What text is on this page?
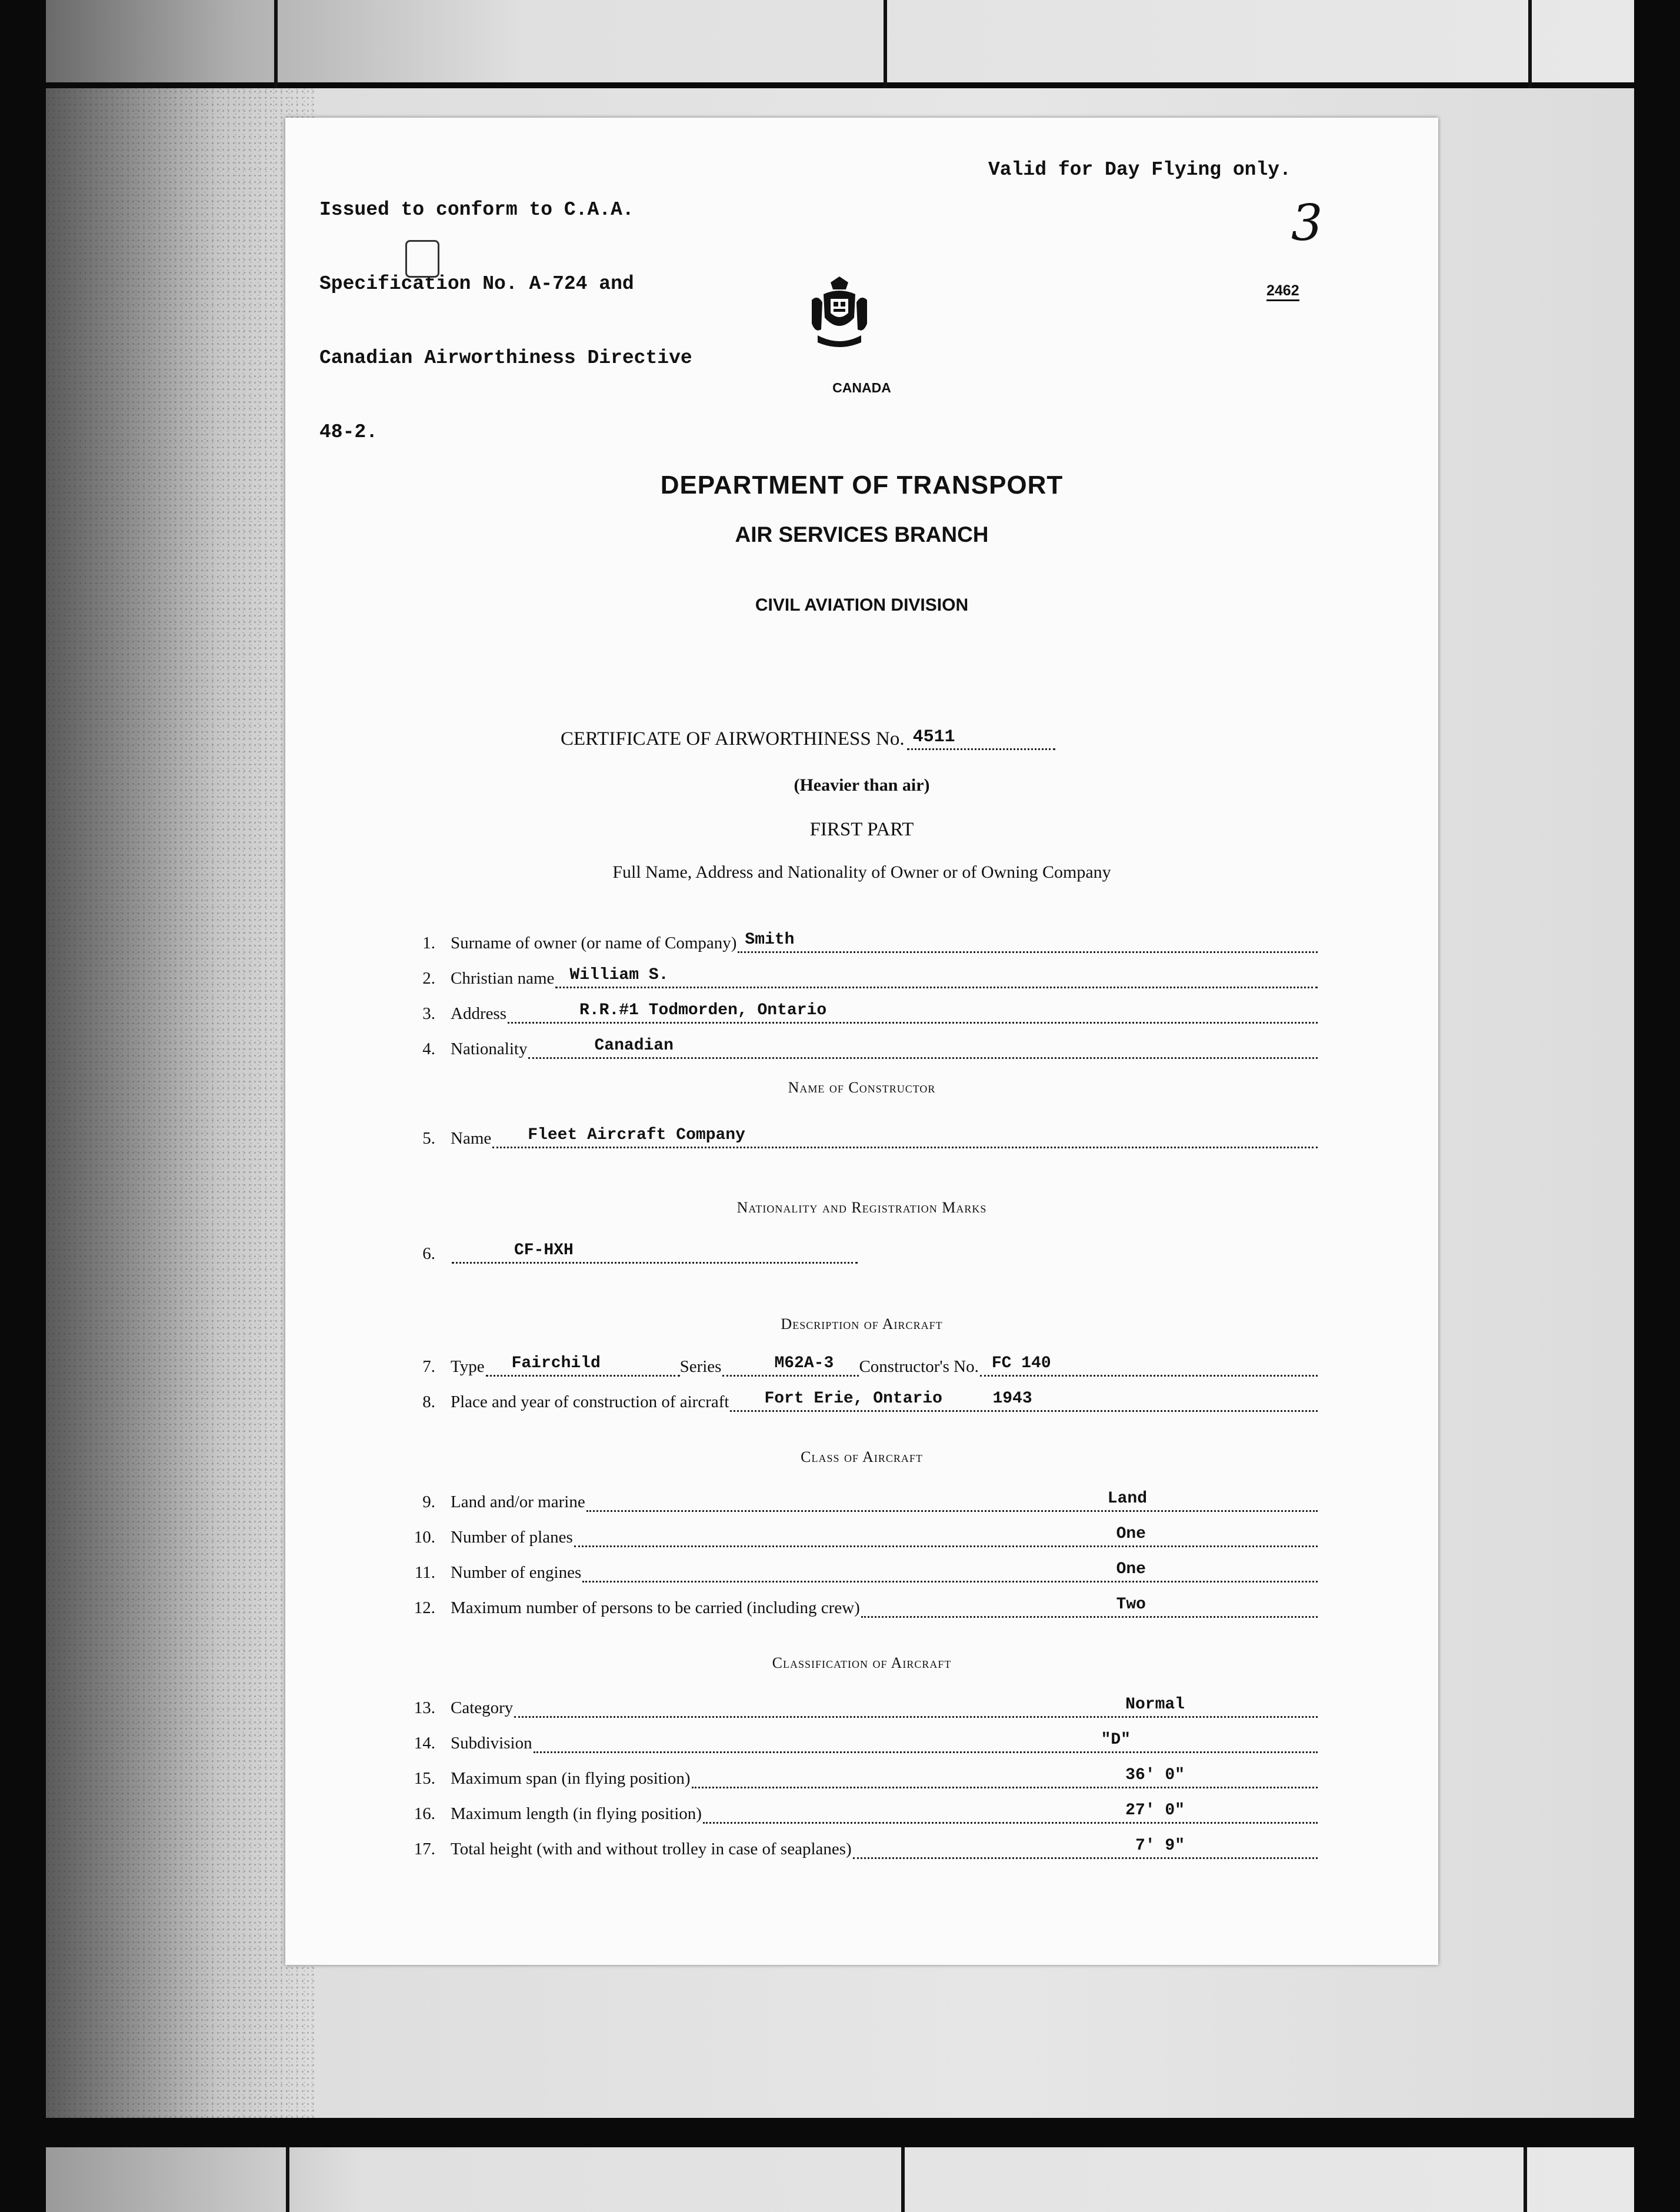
Issued to conform to C.A.A.

Specification No. A-724 and

Canadian Airworthiness Directive

48-2.

Valid for Day Flying only.
3
2462
CANADA
DEPARTMENT OF TRANSPORT
AIR SERVICES BRANCH
CIVIL AVIATION DIVISION
CERTIFICATE OF AIRWORTHINESS No. 4511
(Heavier than air)
FIRST PART
Full Name, Address and Nationality of Owner or of Owning Company
1. Surname of owner (or name of Company) Smith
2. Christian name William S.
3. Address	R.R.#1 Todmorden, Ontario
4. Nationality	Canadian
Name of Constructor
5. Name Fleet Aircraft Company
Nationality and Registration Marks
6.	CF-HXH
Description of Aircraft
7. Type Fairchild	Series	M62A-3 Constructor's No. FC 140
8. Place and year of construction of aircraft Fort Erie, Ontario	1943
Class of Aircraft
9. Land and/or marine	Land
10. Number of planes	One
11. Number of engines	One
12. Maximum number of persons to be carried (including crew)	Two
Classification of Aircraft
13. Category	Normal
14. Subdivision	"D"
15. Maximum span (in flying position)	36' 0"
16. Maximum length (in flying position)	27' 0"
17. Total height (with and without trolley in case of seaplanes)	7' 9"
